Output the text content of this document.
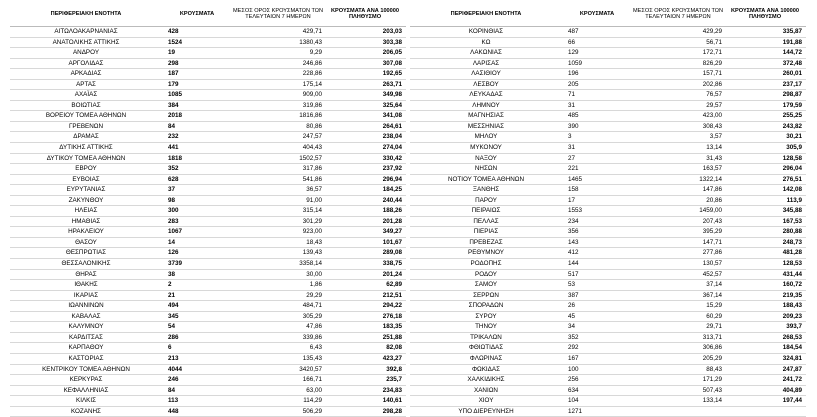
ΠΕΡΙΦΕΡΕΙΑΚΗ ΕΝΟΤΗΤΑ	ΚΡΟΥΣΜΑΤΑ	ΜΕΣΟΣ ΟΡΟΣ ΚΡΟΥΣΜΑΤΩΝ ΤΩΝ ΤΕΛΕΥΤΑΙΩΝ 7 ΗΜΕΡΩΝ	ΚΡΟΥΣΜΑΤΑ ΑΝΑ 100000 ΠΛΗΘΥΣΜΟ
ΑΙΤΩΛΟΑΚΑΡΝΑΝΙΑΣ	428	429,71	203,03
ΑΝΑΤΟΛΙΚΗΣ ΑΤΤΙΚΗΣ	1524	1380,43	303,38
ΑΝΔΡΟΥ	19	9,29	206,05
ΑΡΓΟΛΙΔΑΣ	298	246,86	307,08
ΑΡΚΑΔΙΑΣ	187	228,86	192,65
ΑΡΤΑΣ	179	175,14	263,71
ΑΧΑΪΑΣ	1085	909,00	349,98
ΒΟΙΩΤΙΑΣ	384	319,86	325,64
ΒΟΡΕΙΟΥ ΤΟΜΕΑ ΑΘΗΝΩΝ	2018	1816,86	341,08
ΓΡΕΒΕΝΩΝ	84	80,86	264,61
ΔΡΑΜΑΣ	232	247,57	238,04
ΔΥΤΙΚΗΣ ΑΤΤΙΚΗΣ	441	404,43	274,04
ΔΥΤΙΚΟΥ ΤΟΜΕΑ ΑΘΗΝΩΝ	1818	1502,57	330,42
ΕΒΡΟΥ	352	317,86	237,92
ΕΥΒΟΙΑΣ	628	541,86	296,94
ΕΥΡΥΤΑΝΙΑΣ	37	36,57	184,25
ΖΑΚΥΝΘΟΥ	98	91,00	240,44
ΗΛΕΙΑΣ	300	315,14	188,26
ΗΜΑΘΙΑΣ	283	301,29	201,28
ΗΡΑΚΛΕΙΟΥ	1067	923,00	349,27
ΘΑΣΟΥ	14	18,43	101,67
ΘΕΣΠΡΩΤΙΑΣ	126	139,43	289,08
ΘΕΣΣΑΛΟΝΙΚΗΣ	3739	3358,14	338,75
ΘΗΡΑΣ	38	30,00	201,24
ΙΘΑΚΗΣ	2	1,86	62,89
ΙΚΑΡΙΑΣ	21	29,29	212,51
ΙΩΑΝΝΙΝΩΝ	494	484,71	294,22
ΚΑΒΑΛΑΣ	345	305,29	276,18
ΚΑΛΥΜΝΟΥ	54	47,86	183,35
ΚΑΡΔΙΤΣΑΣ	286	339,86	251,88
ΚΑΡΠΑΘΟΥ	6	6,43	82,08
ΚΑΣΤΟΡΙΑΣ	213	135,43	423,27
ΚΕΝΤΡΙΚΟΥ ΤΟΜΕΑ ΑΘΗΝΩΝ	4044	3420,57	392,8
ΚΕΡΚΥΡΑΣ	246	166,71	235,7
ΚΕΦΑΛΛΗΝΙΑΣ	84	63,00	234,83
ΚΙΛΚΙΣ	113	114,29	140,61
ΚΟΖΑΝΗΣ	448	506,29	298,28
ΠΕΡΙΦΕΡΕΙΑΚΗ ΕΝΟΤΗΤΑ	ΚΡΟΥΣΜΑΤΑ	ΜΕΣΟΣ ΟΡΟΣ ΚΡΟΥΣΜΑΤΩΝ ΤΩΝ ΤΕΛΕΥΤΑΙΩΝ 7 ΗΜΕΡΩΝ	ΚΡΟΥΣΜΑΤΑ ΑΝΑ 100000 ΠΛΗΘΥΣΜΟ
ΚΟΡΙΝΘΙΑΣ	487	429,29	335,87
ΚΩ	66	56,71	191,88
ΛΑΚΩΝΙΑΣ	129	172,71	144,72
ΛΑΡΙΣΑΣ	1059	826,29	372,48
ΛΑΣΙΘΙΟΥ	196	157,71	260,01
ΛΕΣΒΟΥ	205	202,86	237,17
ΛΕΥΚΑΔΑΣ	71	76,57	298,87
ΛΗΜΝΟΥ	31	29,57	179,59
ΜΑΓΝΗΣΙΑΣ	485	423,00	255,25
ΜΕΣΣΗΝΙΑΣ	390	308,43	243,82
ΜΗΛΟΥ	3	3,57	30,21
ΜΥΚΟΝΟΥ	31	13,14	305,9
ΝΑΞΟΥ	27	31,43	128,58
ΝΗΣΩΝ	221	163,57	296,04
ΝΟΤΙΟΥ ΤΟΜΕΑ ΑΘΗΝΩΝ	1465	1322,14	276,51
ΞΑΝΘΗΣ	158	147,86	142,08
ΠΑΡΟΥ	17	20,86	113,9
ΠΕΙΡΑΙΩΣ	1553	1459,00	345,88
ΠΕΛΛΑΣ	234	207,43	167,53
ΠΙΕΡΙΑΣ	356	395,29	280,88
ΠΡΕΒΕΖΑΣ	143	147,71	248,73
ΡΕΘΥΜΝΟΥ	412	277,86	481,28
ΡΟΔΟΠΗΣ	144	130,57	128,53
ΡΟΔΟΥ	517	452,57	431,44
ΣΑΜΟΥ	53	37,14	160,72
ΣΕΡΡΩΝ	387	367,14	219,35
ΣΠΟΡΑΔΩΝ	26	15,29	188,43
ΣΥΡΟΥ	45	60,29	209,23
ΤΗΝΟΥ	34	29,71	393,7
ΤΡΙΚΑΛΩΝ	352	313,71	268,53
ΦΘΙΩΤΙΔΑΣ	292	306,86	184,54
ΦΛΩΡΙΝΑΣ	167	205,29	324,81
ΦΩΚΙΔΑΣ	100	88,43	247,87
ΧΑΛΚΙΔΙΚΗΣ	256	171,29	241,72
ΧΑΝΙΩΝ	634	507,43	404,89
ΧΙΟΥ	104	133,14	197,44
ΥΠΟ ΔΙΕΡΕΥΝΗΣΗ	1271		
